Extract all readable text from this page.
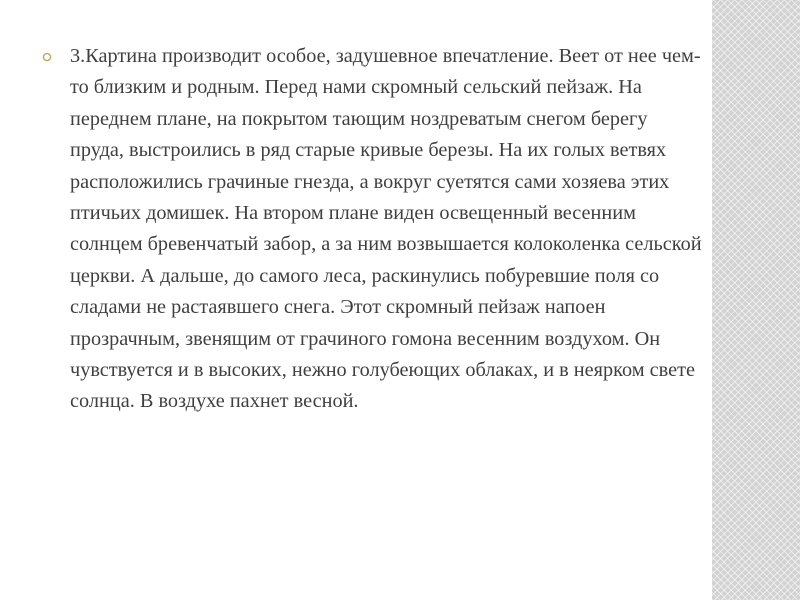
3.Картина производит особое, задушевное впечатление. Веет от нее чем-то близким и родным. Перед нами скромный сельский пейзаж. На переднем плане, на покрытом тающим ноздреватым снегом берегу пруда, выстроились в ряд старые кривые березы. На их голых ветвях расположились грачиные гнезда, а вокруг суетятся сами хозяева этих птичьих домишек. На втором плане виден освещенный весенним солнцем бревенчатый забор, а за ним возвышается колоколенка сельской церкви. А дальше, до самого леса, раскинулись побуревшие поля со сладами не растаявшего снега. Этот скромный пейзаж напоен прозрачным, звенящим от грачиного гомона весенним воздухом. Он чувствуется и в высоких, нежно голубеющих облаках, и в неярком свете солнца. В воздухе пахнет весной.
